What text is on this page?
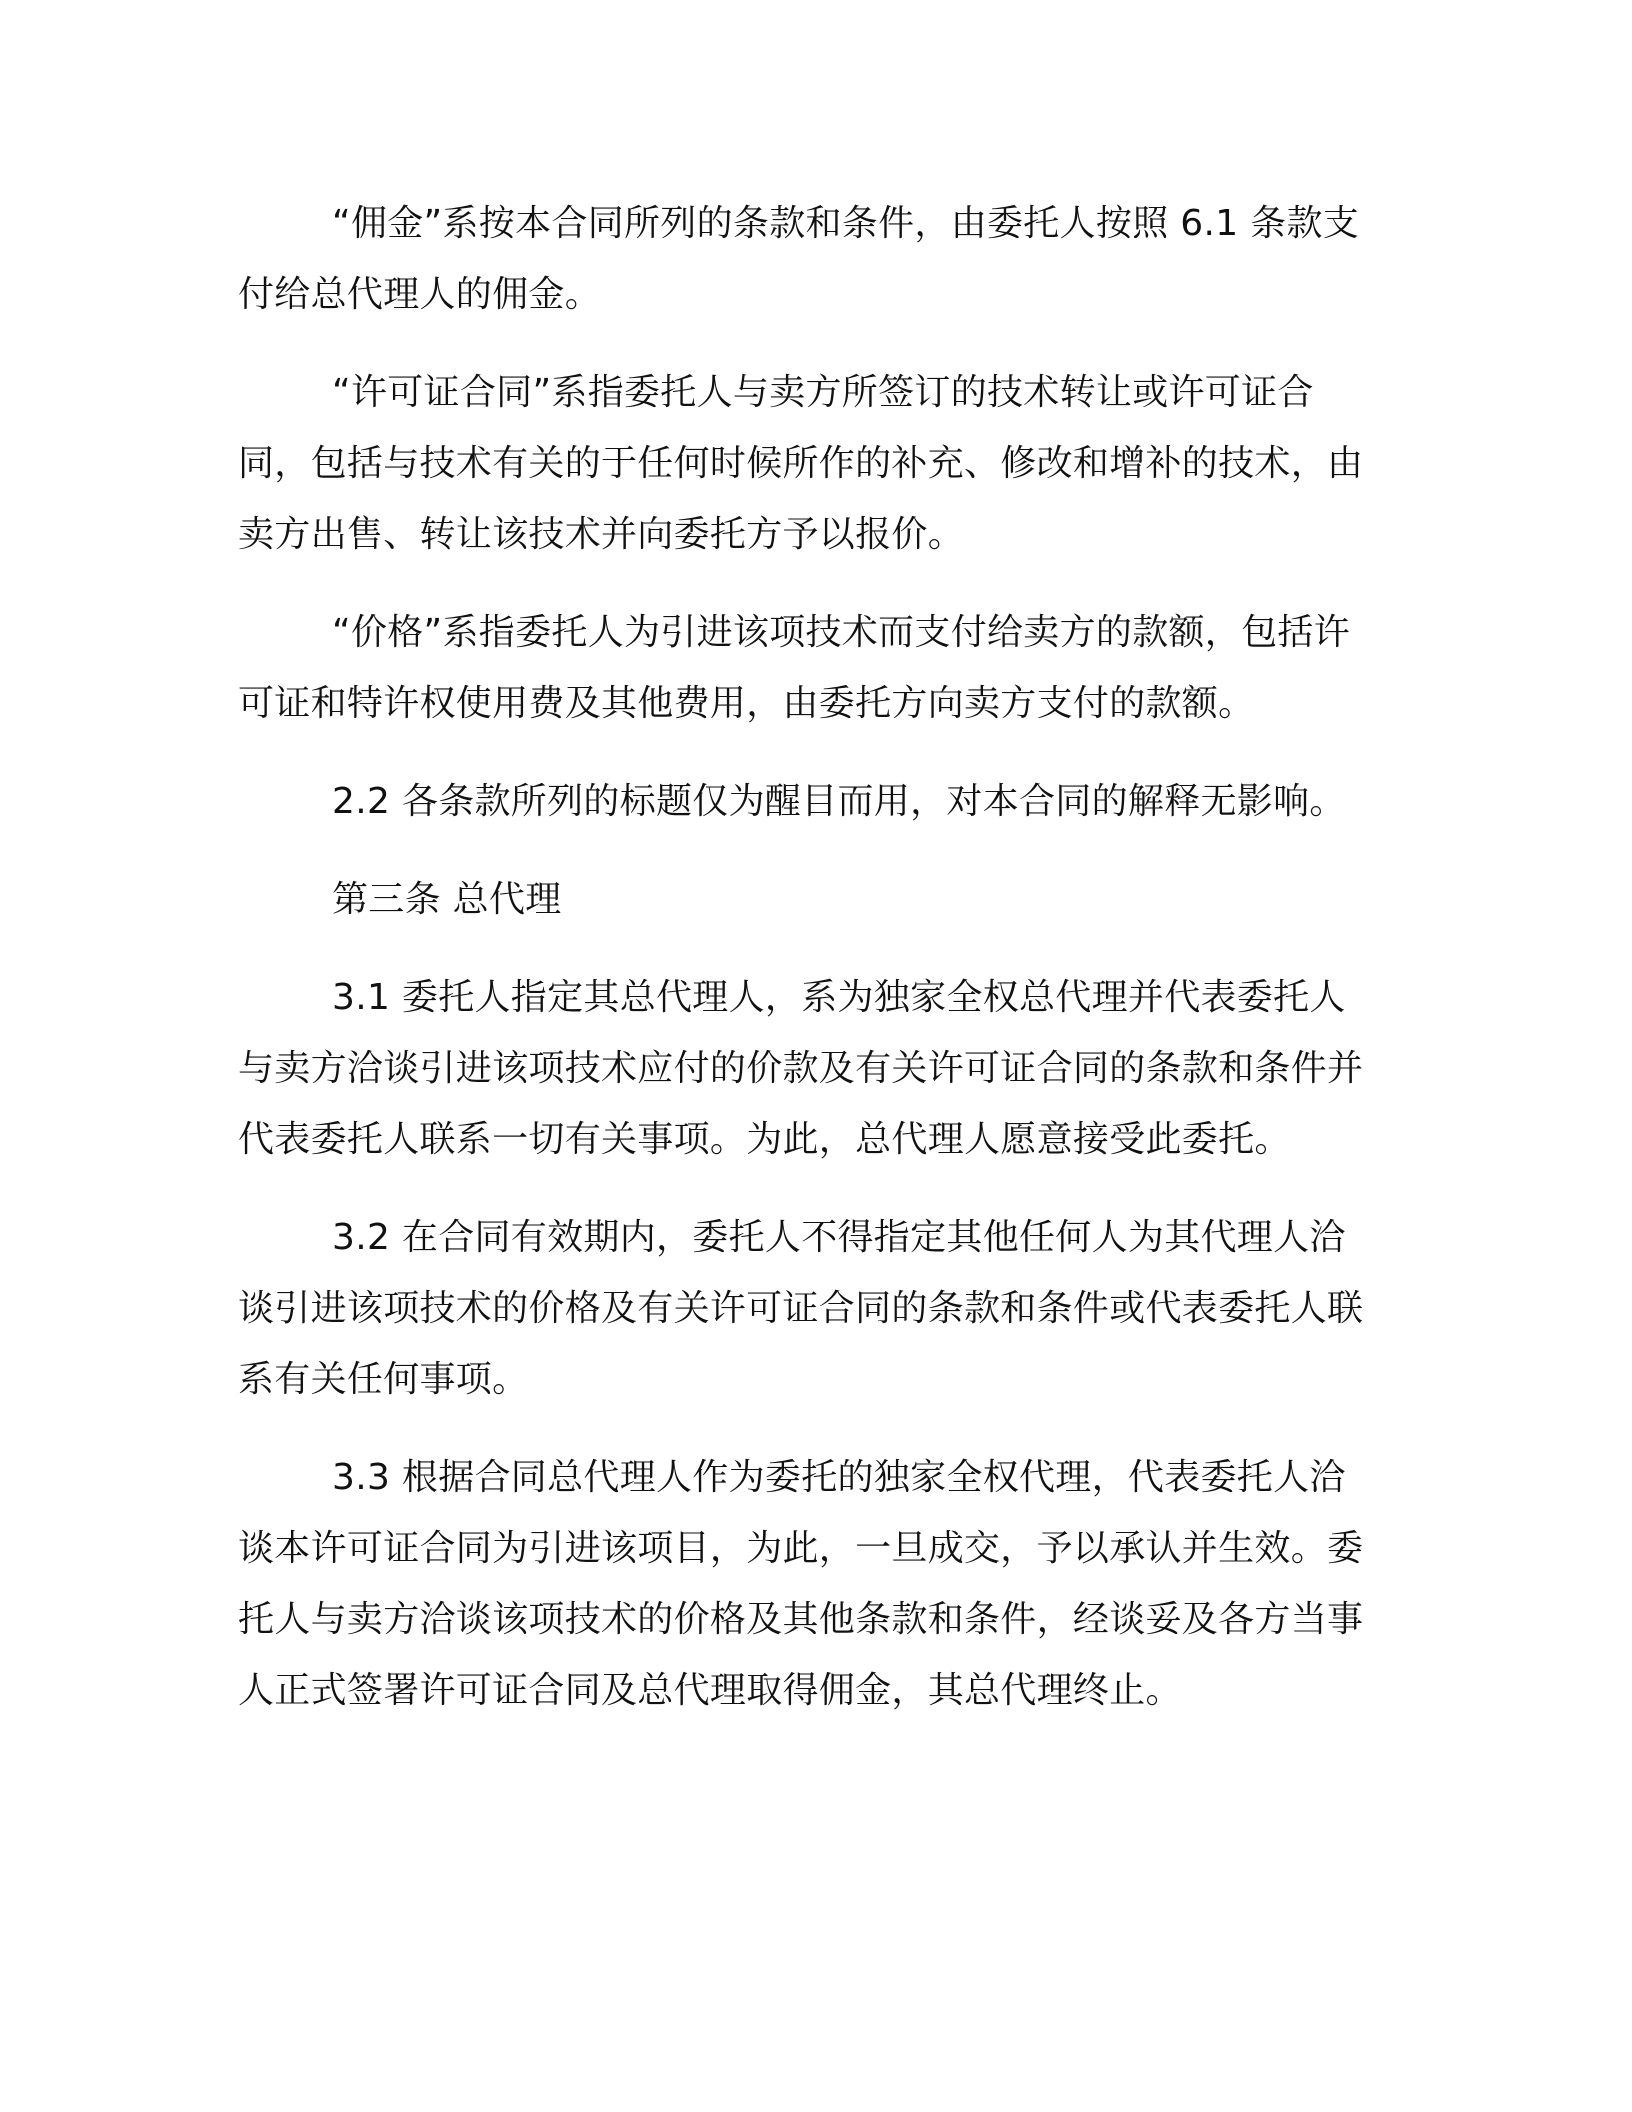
“佣金”系按本合同所列的条款和条件，由委托人按照 6.1 条款支付给总代理人的佣金。

“许可证合同”系指委托人与卖方所签订的技术转让或许可证合同，包括与技术有关的于任何时候所作的补充、修改和增补的技术，由卖方出售、转让该技术并向委托方予以报价。

“价格”系指委托人为引进该项技术而支付给卖方的款额，包括许可证和特许权使用费及其他费用，由委托方向卖方支付的款额。

2.2 各条款所列的标题仅为醒目而用，对本合同的解释无影响。

第三条 总代理

3.1 委托人指定其总代理人，系为独家全权总代理并代表委托人与卖方洽谈引进该项技术应付的价款及有关许可证合同的条款和条件并代表委托人联系一切有关事项。为此，总代理人愿意接受此委托。

3.2 在合同有效期内，委托人不得指定其他任何人为其代理人洽谈引进该项技术的价格及有关许可证合同的条款和条件或代表委托人联系有关任何事项。

3.3 根据合同总代理人作为委托的独家全权代理，代表委托人洽谈本许可证合同为引进该项目，为此，一旦成交，予以承认并生效。委托人与卖方洽谈该项技术的价格及其他条款和条件，经谈妥及各方当事人正式签署许可证合同及总代理取得佣金，其总代理终止。
